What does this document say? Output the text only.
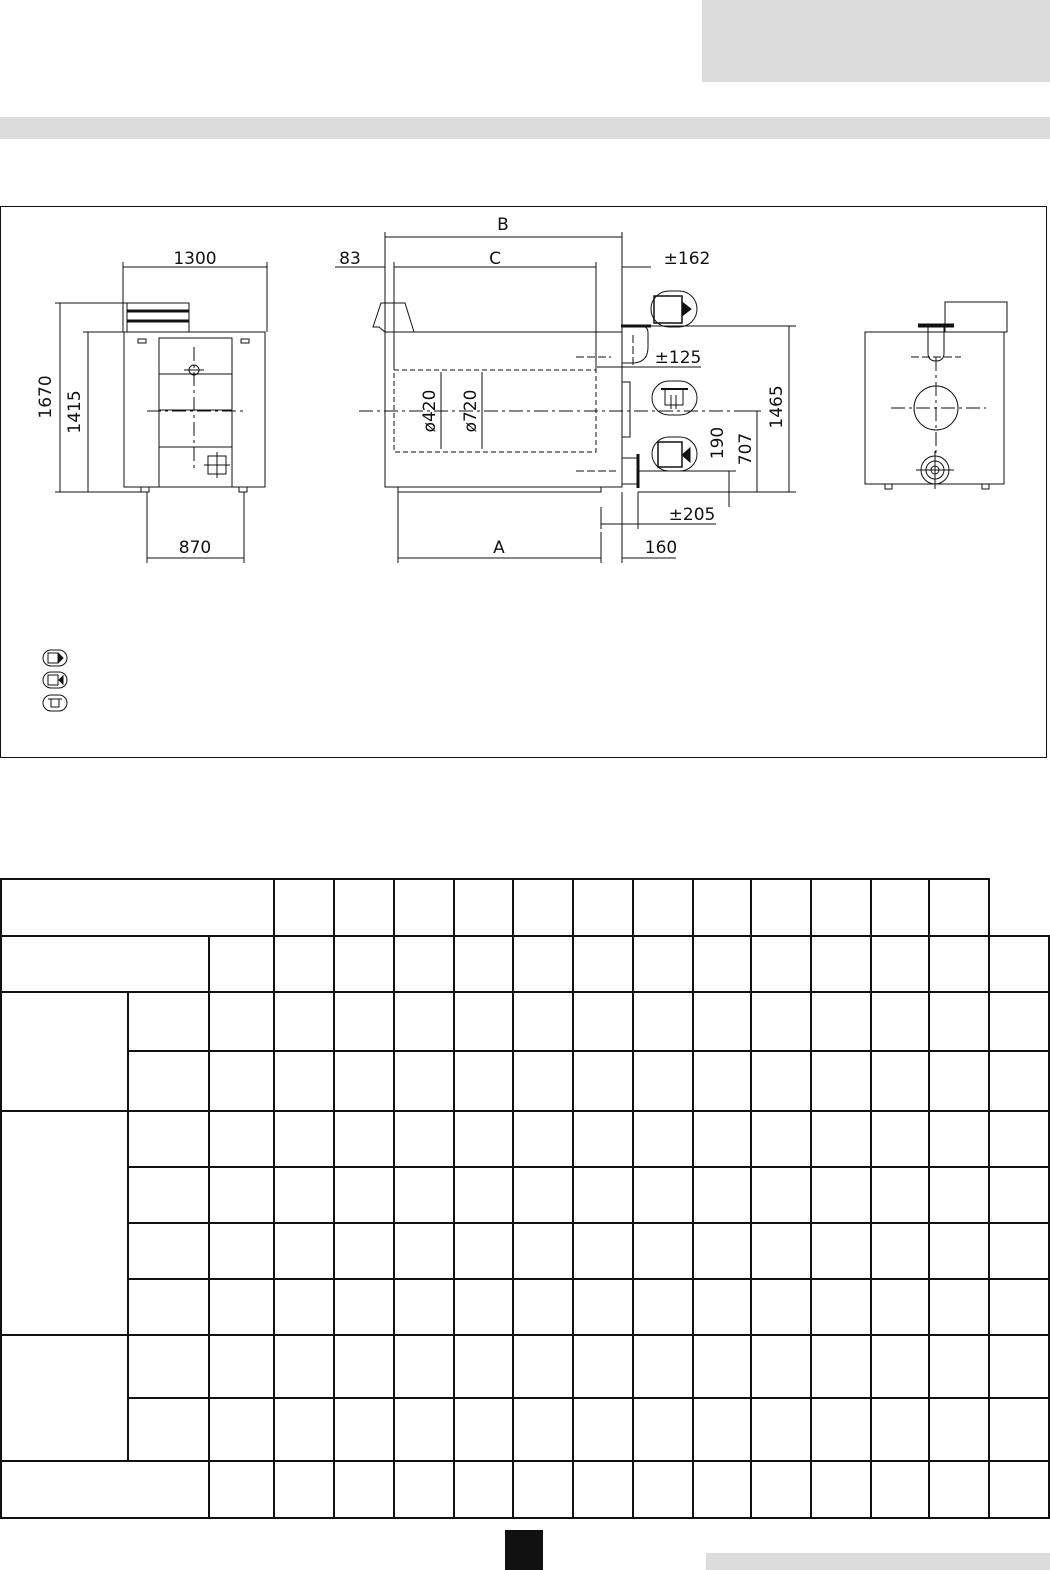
1300
870
1670 1415
B
83	C	±162
±125
±205
A	160
ø420 ø720	1465
707
190
